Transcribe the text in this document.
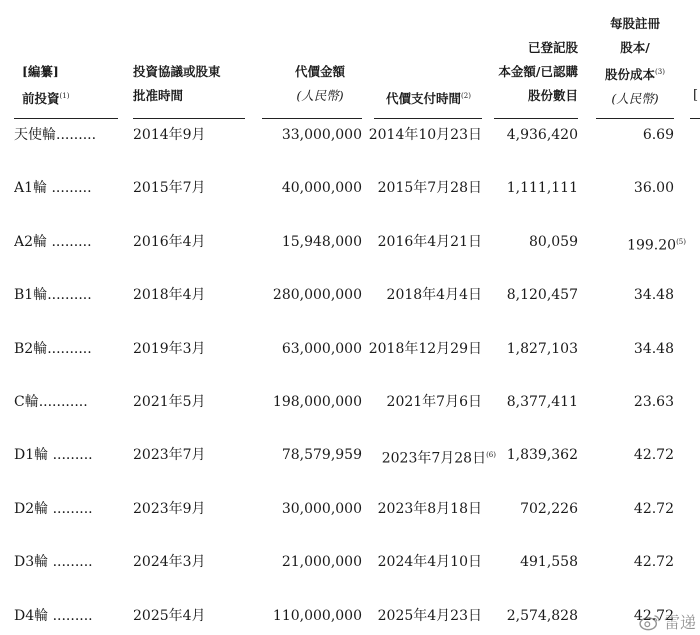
[編纂]
前投資$^{(1)}$
投資協議或股東
批准時間
代價金額
(人民幣)	代價支付時間$^{(2)}$
已登記股
本金額/已認購
股份數目
每股註冊
股本/
股份成本$^{(3)}$
(人民幣)	[
天使輪.........	2014年9月	33,000,000 2014年10月23日 4,936,420	6.69
A1輪 .........	2015年7月	40,000,000 2015年7月28日 1,111,111	36.00
A2輪 .........	2016年4月	15,948,000 2016年4月21日	80,059	199.20$^{(5)}$
B1輪..........	2018年4月	280,000,000 2018年4月4日 8,120,457	34.48
B2輪..........	2019年3月	63,000,000 2018年12月29日 1,827,103	34.48
C輪...........	2021年5月	198,000,000 2021年7月6日 8,377,411	23.63
D1輪 .........	2023年7月	78,579,959 2023年7月28日$^{(6)}$ 1,839,362	42.72
D2輪 .........	2023年9月	30,000,000 2023年8月18日	702,226	42.72
D3輪 .........	2024年3月	21,000,000 2024年4月10日	491,558	42.72
D4輪 .........	2025年4月	110,000,000 2025年4月23日 2,574,828	42.72
雷递
